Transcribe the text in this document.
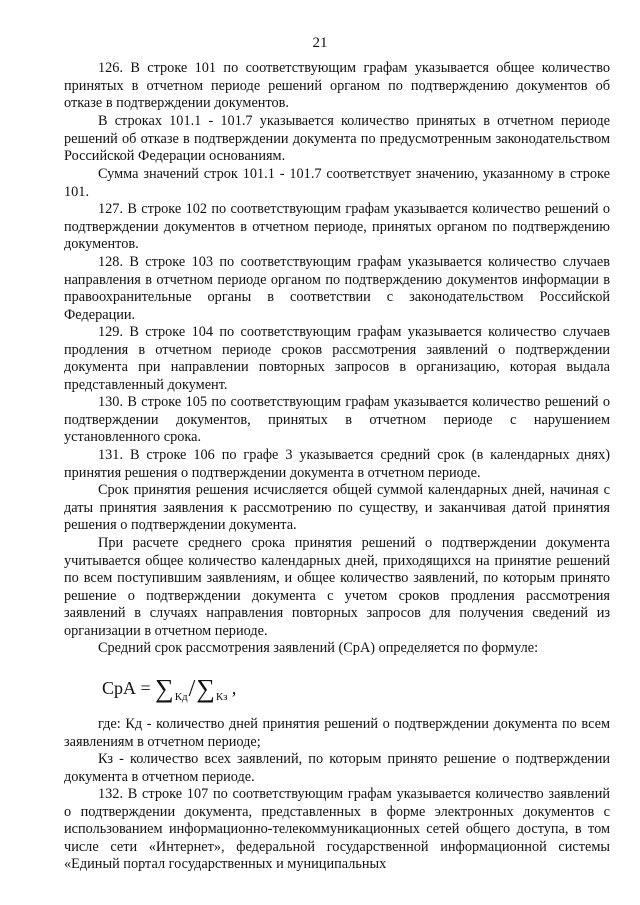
21

126. В строке 101 по соответствующим графам указывается общее количество принятых в отчетном периоде решений органом по подтверждению документов об отказе в подтверждении документов.

В строках 101.1 - 101.7 указывается количество принятых в отчетном периоде решений об отказе в подтверждении документа по предусмотренным законодательством Российской Федерации основаниям.

Сумма значений строк 101.1 - 101.7 соответствует значению, указанному в строке 101.

127. В строке 102 по соответствующим графам указывается количество решений о подтверждении документов в отчетном периоде, принятых органом по подтверждению документов.

128. В строке 103 по соответствующим графам указывается количество случаев направления в отчетном периоде органом по подтверждению документов информации в правоохранительные органы в соответствии с законодательством Российской Федерации.

129. В строке 104 по соответствующим графам указывается количество случаев продления в отчетном периоде сроков рассмотрения заявлений о подтверждении документа при направлении повторных запросов в организацию, которая выдала представленный документ.

130. В строке 105 по соответствующим графам указывается количество решений о подтверждении документов, принятых в отчетном периоде с нарушением установленного срока.

131. В строке 106 по графе 3 указывается средний срок (в календарных днях) принятия решения о подтверждении документа в отчетном периоде.

Срок принятия решения исчисляется общей суммой календарных дней, начиная с даты принятия заявления к рассмотрению по существу, и заканчивая датой принятия решения о подтверждении документа.

При расчете среднего срока принятия решений о подтверждении документа учитывается общее количество календарных дней, приходящихся на принятие решений по всем поступившим заявлениям, и общее количество заявлений, по которым принято решение о подтверждении документа с учетом сроков продления рассмотрения заявлений в случаях направления повторных запросов для получения сведений из организации в отчетном периоде.

Средний срок рассмотрения заявлений (СрА) определяется по формуле:

СрА = $\sum_{Кд}/\sum_{Кз}$ ,

где: Кд - количество дней принятия решений о подтверждении документа по всем заявлениям в отчетном периоде;

Кз - количество всех заявлений, по которым принято решение о подтверждении документа в отчетном периоде.

132. В строке 107 по соответствующим графам указывается количество заявлений о подтверждении документа, представленных в форме электронных документов с использованием информационно-телекоммуникационных сетей общего доступа, в том числе сети «Интернет», федеральной государственной информационной системы «Единый портал государственных и муниципальных
